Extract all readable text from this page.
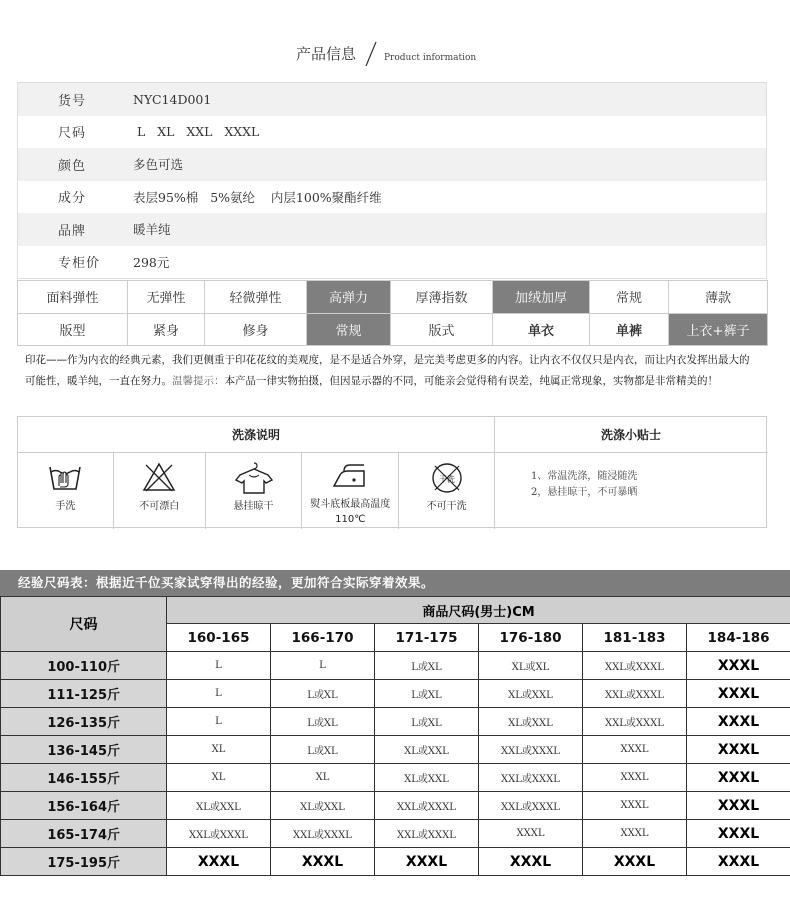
产品信息	Product information
货号	NYC14D001
尺码	L   XL   XXL   XXXL
颜色	多色可选
成分	表层95%棉   5%氨纶    内层100%聚酯纤维
品牌	暖羊纯
专柜价	298元
面料弹性	无弹性	轻微弹性	高弹力	厚薄指数	加绒加厚	常规	薄款
版型	紧身	修身	常规	版式	单衣	单裤	上衣+裤子
印花——作为内衣的经典元素，我们更侧重于印花花纹的美观度，是不是适合外穿，是完美考虑更多的内容。让内衣不仅仅只是内衣，而让内衣发挥出最大的可能性，暖羊纯，一直在努力。温馨提示：本产品一律实物拍摄，但因显示器的不同，可能亲会觉得稍有误差，纯属正常现象，实物都是非常精美的！
洗涤说明	洗涤小贴士
手洗	不可漂白	悬挂晾干	熨斗底板最高温度110℃
干洗
不可干洗
1、常温洗涤，随浸随洗
2，悬挂晾干，不可暴晒
经验尺码表：根据近千位买家试穿得出的经验，更加符合实际穿着效果。
尺码	商品尺码(男士)CM					
	160-165	166-170	171-175	176-180	181-183	184-186
100-110斤	L	L	L或XL	XL或XL	XXL或XXXL	XXXL
111-125斤	L	L或XL	L或XL	XL或XXL	XXL或XXXL	XXXL
126-135斤	L	L或XL	L或XL	XL或XXL	XXL或XXXL	XXXL
136-145斤	XL	L或XL	XL或XXL	XXL或XXXL	XXXL	XXXL
146-155斤	XL	XL	XL或XXL	XXL或XXXL	XXXL	XXXL
156-164斤	XL或XXL	XL或XXL	XXL或XXXL	XXL或XXXL	XXXL	XXXL
165-174斤	XXL或XXXL	XXL或XXXL	XXL或XXXL	XXXL	XXXL	XXXL
175-195斤	XXXL	XXXL	XXXL	XXXL	XXXL	XXXL
